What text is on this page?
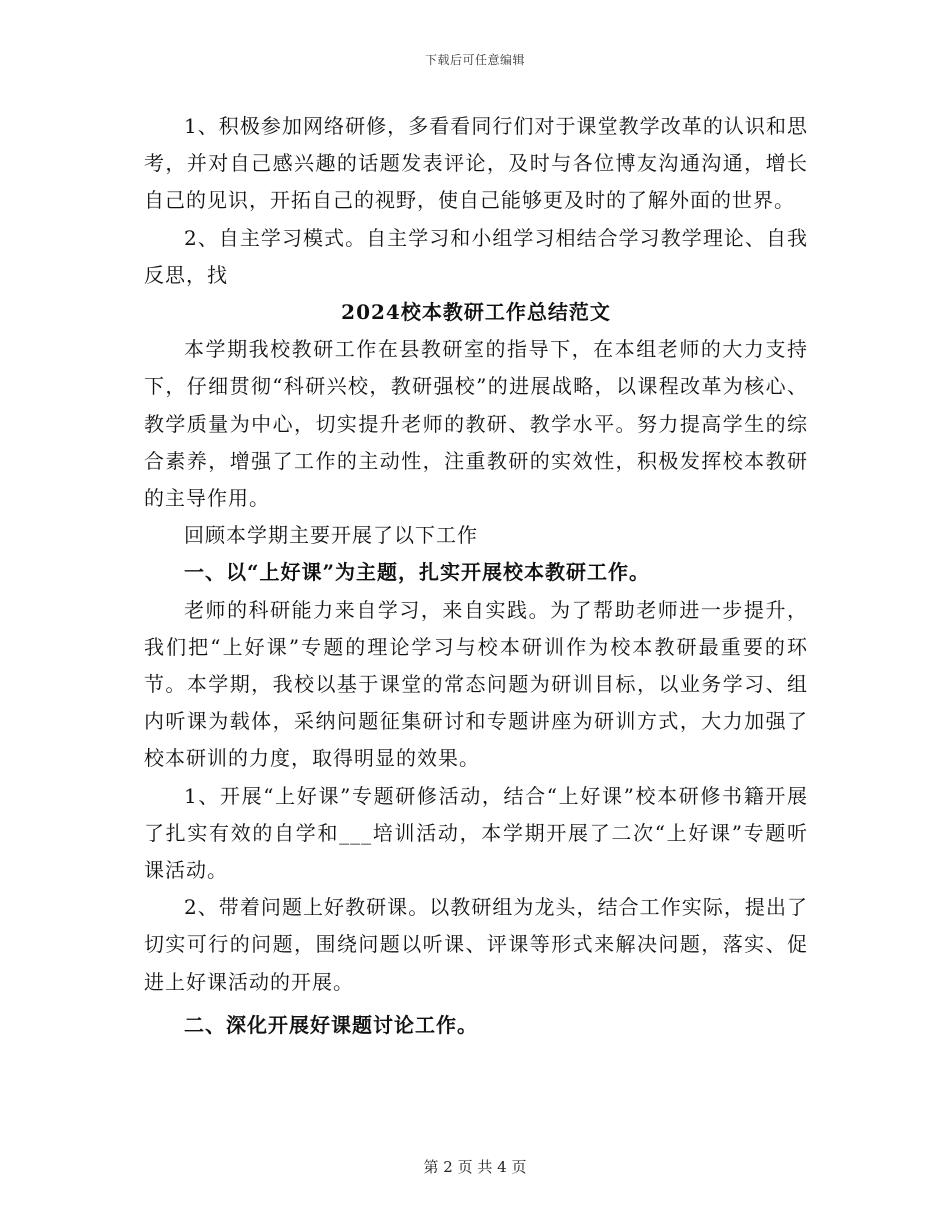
下载后可任意编辑

1、积极参加网络研修，多看看同行们对于课堂教学改革的认识和思考，并对自己感兴趣的话题发表评论，及时与各位博友沟通沟通，增长自己的见识，开拓自己的视野，使自己能够更及时的了解外面的世界。

2、自主学习模式。自主学习和小组学习相结合学习教学理论、自我反思，找

2024校本教研工作总结范文

本学期我校教研工作在县教研室的指导下，在本组老师的大力支持下，仔细贯彻“科研兴校，教研强校”的进展战略，以课程改革为核心、教学质量为中心，切实提升老师的教研、教学水平。努力提高学生的综合素养，增强了工作的主动性，注重教研的实效性，积极发挥校本教研的主导作用。

回顾本学期主要开展了以下工作

一、以“上好课”为主题，扎实开展校本教研工作。

老师的科研能力来自学习，来自实践。为了帮助老师进一步提升，我们把“上好课”专题的理论学习与校本研训作为校本教研最重要的环节。本学期，我校以基于课堂的常态问题为研训目标，以业务学习、组内听课为载体，采纳问题征集研讨和专题讲座为研训方式，大力加强了校本研训的力度，取得明显的效果。

1、开展“上好课”专题研修活动，结合“上好课”校本研修书籍开展了扎实有效的自学和___培训活动，本学期开展了二次“上好课”专题听课活动。

2、带着问题上好教研课。以教研组为龙头，结合工作实际，提出了切实可行的问题，围绕问题以听课、评课等形式来解决问题，落实、促进上好课活动的开展。

二、深化开展好课题讨论工作。

第 2 页 共 4 页
